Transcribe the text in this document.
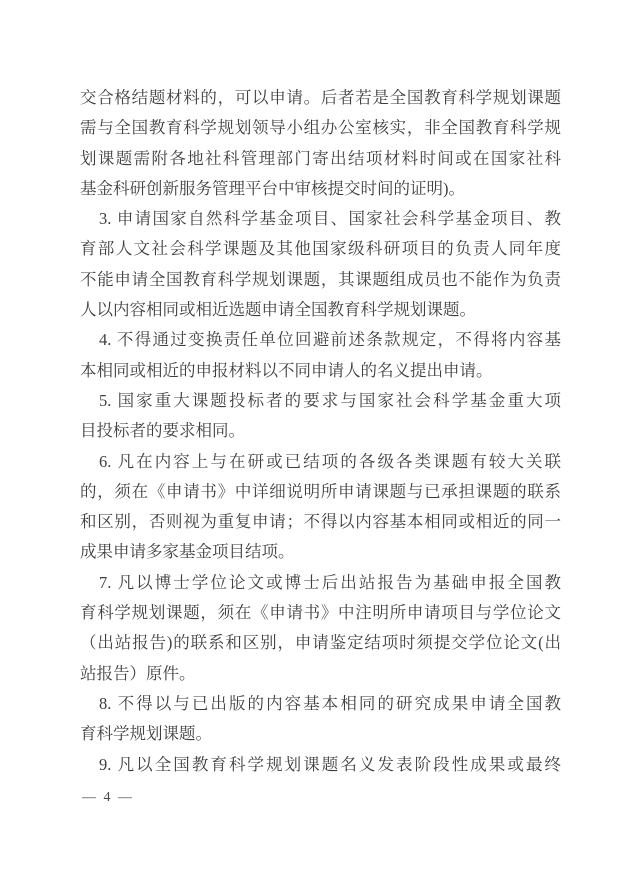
交合格结题材料的，可以申请。后者若是全国教育科学规划课题
需与全国教育科学规划领导小组办公室核实，非全国教育科学规
划课题需附各地社科管理部门寄出结项材料时间或在国家社科
基金科研创新服务管理平台中审核提交时间的证明)。
3. 申请国家自然科学基金项目、国家社会科学基金项目、教
育部人文社会科学课题及其他国家级科研项目的负责人同年度
不能申请全国教育科学规划课题，其课题组成员也不能作为负责
人以内容相同或相近选题申请全国教育科学规划课题。
4. 不得通过变换责任单位回避前述条款规定，不得将内容基
本相同或相近的申报材料以不同申请人的名义提出申请。
5. 国家重大课题投标者的要求与国家社会科学基金重大项
目投标者的要求相同。
6. 凡在内容上与在研或已结项的各级各类课题有较大关联
的，须在《申请书》中详细说明所申请课题与已承担课题的联系
和区别，否则视为重复申请；不得以内容基本相同或相近的同一
成果申请多家基金项目结项。
7. 凡以博士学位论文或博士后出站报告为基础申报全国教
育科学规划课题，须在《申请书》中注明所申请项目与学位论文
（出站报告)的联系和区别，申请鉴定结项时须提交学位论文(出
站报告）原件。
8. 不得以与已出版的内容基本相同的研究成果申请全国教
育科学规划课题。
9. 凡以全国教育科学规划课题名义发表阶段性成果或最终
— 4 —
